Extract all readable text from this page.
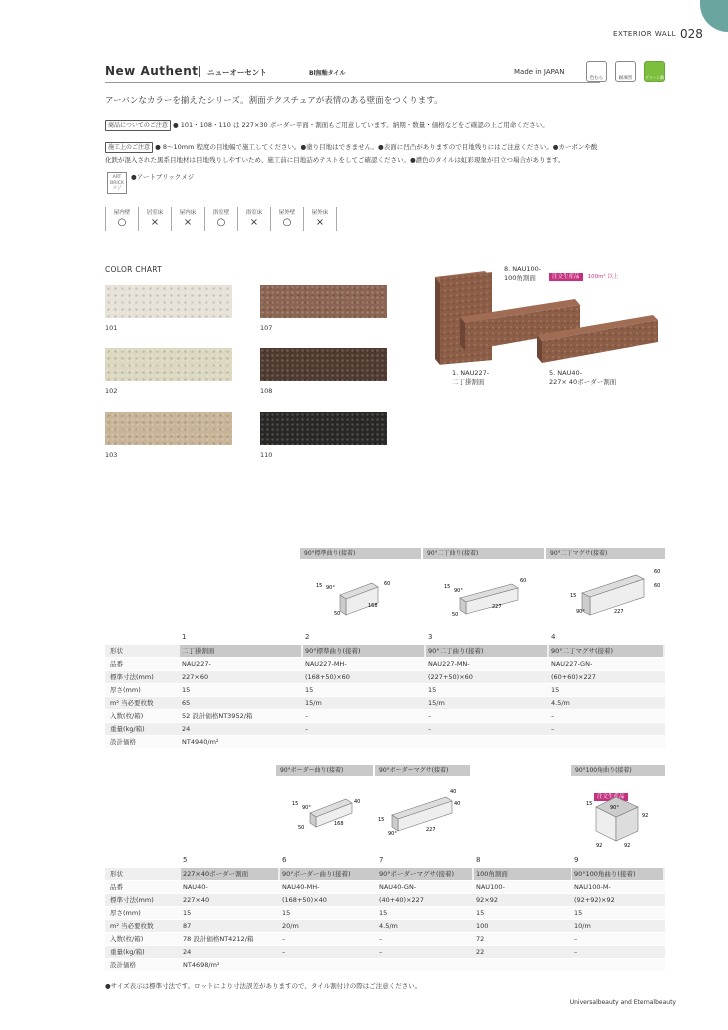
EXTERIOR WALL 028
New Authent ニューオーセント	Bl無釉タイル	Made in JAPAN
色むら	耐凍害	グリーン購入法
アーバンなカラーを揃えたシリーズ。割面テクスチュアが表情のある壁面をつくります。
商品についてのご注意 ● 101・108・110 は 227×30 ボーダー平面・割面もご用意しています。納期・数量・価格などをご確認の上ご用命ください。
施工上のご注意 ● 8～10mm 程度の目地幅で施工してください。●塗り目地はできません。●表面に凹凸がありますので目地残りにはご注意ください。●カーボンや酸
化鉄が混入された黒系目地材は目地残りしやすいため、施工前に目地詰めテストをしてご確認ください。●濃色のタイルは虹彩現象が目立つ場合があります。
ART BRICK メジ
●アートブリックメジ
屋内壁
○
居室床
×
屋内床
×
浴室壁
○
浴室床
×
屋外壁
○
屋外床
×
COLOR CHART
101	107
102	108
103	110
8. NAU100-
100角割面	注文生産品 100m² 以上
1. NAU227-
二丁掛割面
5. NAU40-
227× 40ボーダー割面
90°標準曲り(接着)	90°二丁曲り(接着)	90°二丁マグサ(接着)
15 90°
60
50
168
15
90°
60
50
227
15
90°
60
60
227
1	2	3	4
形状	二丁掛割面	90°標準曲り(接着)	90°二丁曲り(接着)	90°二丁マグサ(接着)
品番	NAU227-	NAU227-MH-	NAU227-MN-	NAU227-GN-
標準寸法(mm)	227×60	(168+50)×60	(227+50)×60	(60+60)×227
厚さ(mm)	15	15	15	15
m² 当必要枚数	65	15/m	15/m	4.5/m
入数(枚/箱)	52 設計価格NT3952/箱	–	–	–
重量(kg/箱)	24	–	–	–
設計価格	NT4940/m²
90°ボーダー曲り(接着)	90°ボーダーマグサ(接着)	90°100角曲り(接着)
注文生産品
15
90°
40
50
168
15
90°
40
40
227
15
90°
92
92	92
5	6	7	8	9
形状	227×40ボーダー割面	90°ボーダー曲り(接着)	90°ボーダーマグサ(接着)	100角割面	90°100角曲り(接着)
品番	NAU40-	NAU40-MH-	NAU40-GN-	NAU100-	NAU100-M-
標準寸法(mm)	227×40	(168+50)×40	(40+40)×227	92×92	(92+92)×92
厚さ(mm)	15	15	15	15	15
m² 当必要枚数	87	20/m	4.5/m	100	10/m
入数(枚/箱)	78 設計価格NT4212/箱	–	–	72	–
重量(kg/箱)	24	–	–	22	–
設計価格	NT4698/m²
●サイズ表示は標準寸法です。ロットにより寸法誤差がありますので、タイル割付けの際はご注意ください。
Universalbeauty and Eternalbeauty
